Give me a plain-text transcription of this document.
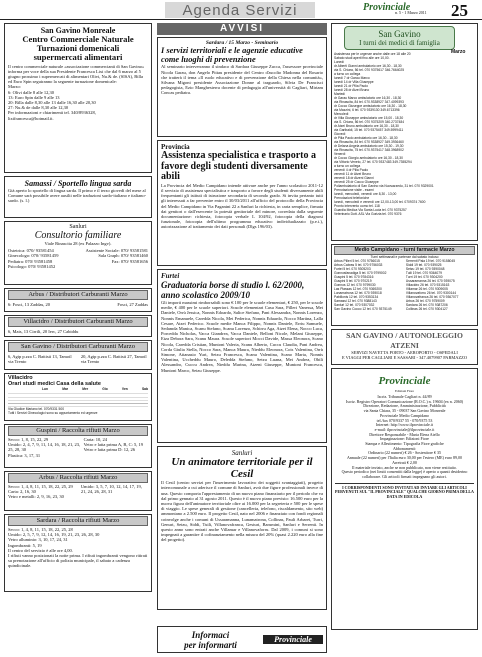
Agenda Servizi	Provinciale
n. 5 - 1 Marzo 2011 25
San Gavino Monreale
Centro Commerciale Naturale
Turnazioni domenicali
supermercati alimentari
Il centro commerciale naturale «associazione commercianti di San Gavino» informa per voce della sua Presidente Francesca Lixi che dal 6 marzo al 5 giugno prossimo i supermercati di alimentari Olivi, Nu.& de. (SISA), Billa ed Euro Spin seguiranno la seguente turnazione domenicale:
Marzo:
6: Olivi dalle 8 alle 12,30
13: Euro Spin dalle 9 alle 13
20: Billa dalle 8,30 alle 13 dalle 16,30 alle 20,30
27: Nu.& de dalle 8,30 alle 12,30
Per informazioni e chiarimenti tel. 340/8936328,
lixifrancesca@hotmail.it.
Samassi / Sportello lingua sarda
Già aperto lo sportello di lingua sarda. Il primo e il terzo giovedì del mese al Comune sarà possibile avere ausilii nelle traduzioni sardo-italiano e italiano-sardo. (s. l.)
Sanluri
Consultorio familiare
Viale Rinascita 28 (ex Palazzo Ingv).
Ostetrica: 070/ 93581454	Assistente Sociale: 070/ 93581581
Ginecologo: 070/ 93581459	Sala Graph: 070/ 93581460
Pediatra: 070/ 93581458	Fax: 070/ 93581656
Psicologo: 070/ 93581452
Arbus / Distributori Carburanti Marzo
6: Fosci, 13 Zaddas, 20	Fosci, 27 Zaddas
Villacidro / Distributori Carburanti Marzo
6, Mais, 13 Cirrili, 20 Ierc, 27 Cabiddu
San Gavino / Distributori Carburanti Marzo
6, Agip p.zza C. Battisti 13, Tamoil via Trento
20, Agip p.zza C. Battisti 27, Tamoil via Trento
Villacidro
Orari studi medici Casa della salute
Lun	Mar	Mer	Gio	Ven	Sab
Via Giudice Mariano tel. 070/9331 500
Tutti i Servizi Ginecologici sono su appuntamento ed urgenze
Guspini / Raccolta rifiuti Marzo
Secco: 1, 8, 15, 22, 29
Umido: 2, 4, 7, 9, 11, 14, 16, 18, 21, 23, 25, 28, 30
Plastica: 3, 17, 31
Carta: 10, 24
Vetro e latta prima A, B, C: 5, 19
Vetro e latta prima D: 12, 26
Arbus / Raccolta rifiuti Marzo
Secco: 1, 4, 8, 11, 15, 18, 22, 25, 29
Carta: 2, 16, 30
Vetro e metalli: 2, 9, 16, 23, 30
Umido: 3, 5, 7, 10, 12, 14, 17, 19, 21, 24, 26, 28, 31
Sardara / Raccolta rifiuti Marzo
Secco: 1, 4, 8, 11, 15, 18, 22, 25, 28
Umido: 2, 5, 7, 9, 12, 14, 16, 19, 21, 23, 26, 28, 30
Vetro alluminio: 3, 10, 17, 24, 31
Ingombranti: 5, 19
Il centro del servizio è alle ore 4,00.
I rifiuti vanno posizionati la notte prima. I rifiuti ingombranti vengono ritirati su prenotazione all'ufficio di polizia municipale, il sabato a cadenza quindicinale.
AVVISI
Sardara / 15 Marzo - Seminario
I servizi territoriali e le agenzie educative come luoghi di prevenzione
Al seminario interverranno il sindaco di Sardara Giuseppe Zucca, l'assessore provinciale Nicola Garau, don Angelo Pittau presidente del Centro d'ascolto Madonna del Rosario che tratterà il tema «Il ruolo educativo e di prevenzione della Chiesa nella comunità», Silvana Migoni presidente Associazione Donne al traguardo, Silvia De Francisci pedagogista, Ezio Manghesterra docente di pedagogia all'università di Cagliari, Miriam Concas pediatra.
Provincia
Assistenza specialistica e trasporto a favore degli studenti diversamente abili
La Provincia del Medio Campidano intende attivare anche per l'anno scolastico 2011-12 il servizio di assistenza specialistica e trasporto a favore degli studenti diversamente abili frequentanti gli istituti di istruzione secondaria di secondo grado. Si invita pertanto tutti gli interessati a far pervenire entro il 30/03/2011 all'ufficio del protocollo della Provincia del Medio Campidano in Via Paganini 22 a Sanluri la richiesta, in carta semplice, firmata dai genitori o dall'esercente la potestà genitoriale del minore, corredata dalla seguente documentazione: richiesta, fotocopia verbale L 104/92, fotocopia della diagnosi funzionale, fotocopia dell'ultimo programma educativo individualizzato (p.e.i.), autorizzazione al trattamento dei dati personali (Dlgs 196/03).
Furtei
Graduatoria borse di studio l. 62/2000, anno scolastico 2009/10
Gli importi massimi rimborsabili sono € 100 per le scuole elementari, € 250, per le scuole medie, € 400 per le scuole superiori. Scuole elementari Casu Sara, Pilleri Vanessa, Mei Daniele, Orrù Jessica, Nonnis Edoardo, Salice Stefano, Pani Alessandra, Nonnis Lorenzo, Nonnis Emanuele, Caredda Nicola, Mei Federica, Nonnis Eduardo, Nocco Martina, Lalla Cesare, Atzei Federico. Scuole medie Manca Filippo, Nonnis Daniele, Erriu Samuele, Sedamda Manica, Scanu Stefano, Scanu Lorenzo, Schirru Aga, Atzei Elena, Nocco Luca, Porcedda Nicholas, Vacca Giandrea, Vacca Daniele, Belloni Nicole, Melani Giuseppe, Etza Debora Sara, Scanu Maura. Scuole superiori Mocci Davide, Massa Eleonora, Scano Nicola, Caredda Cristian, Muntoni Valeria, Scanu Alberto, Cuccu Claudia, Pani Andrea, Corda Giulia Stella, Nocco Sara, Manca Maura, Nieddu Eleonora, Cois Valentina, Orrù Simone, Attanasio Yuri, Setzu Francesca, Scanu Valentina, Scano Marta, Nonnis Valentina, Uccheddu Mauro, Deledda Stefano, Setzu Luana, Mei Andrea, Obili Alessandro, Cuccu Andrea, Nieddu Marina, Atzeni Giuseppe, Muntoni Francesca, Muntoni Marco, Setzu Giuseppe.
Sanluri
Un animatore territoriale per il Cesil
Il Cesil (centro servizi per l'inserimento lavorativo dei soggetti svantaggiati), progetto intercomunale a cui aderisce il comune di Sanluri, avrà due figure professionali invece di una. Questo comporta l'apprestamento di un nuovo piano finanziario per il periodo che va dal primo gennaio al 31 agosto 2011. Questo è il nuovo piano previsto: 16.500 euro per la nuova figura dell'animatore territoriale oltre ai 16.000 per la segreteria e 500 per le spese di viaggio. Le spese generali di gestione (cancelleria, telefono, riscaldamento, sito web) ammontano a 2.500 euro. Il progetto Cesil, nato nel 2006 e finanziato con fondi regionali coinvolge anche i comuni di Ussaramanna, Lunamatrona, Collinas, Pauli Arbarei, Turri, Genuri, Setzu, Siddi, Tuili, Villanovafranca, Gesturi, Barumini, Sanluri e Serrenti. In questo anno sono entrati anche Villamar e Villanovaforru. Dal 2009, i comuni si sono impegnati a garantire il cofinanziamento nella misura del 20% (quasi 2.220 euro alla fine del progetto).
Informaci
per informarti	Provinciale
San Gavino
I turni dei medici di famiglia
Marzo
Assistenza per le urgenze anche dalle ore 18 alle 20
Sabato studi aperti fino alle ore 10,00.
Lunedì
dr Alberti Gianni ambulatorio ore 16,30 - 18,30
via S. Chiara, 56 tel. 070 9375617 346.7664025
a turno un collega
lunedì 7 dr Garau Marco
lunedì 14 dr Villa Giuseppe
lunedì 21 dr Pilia Paolo
lunedì 28 dr Atzei Bruno
Martedì
dr Garau Marco ambulatorio ore 16,30 - 18,30
via Rinascita, 84 tel. 070.9338927 347.4099393
dr Cocco Giuseppe ambulatorio ore 16,30 - 18,30
via Mazzini, 6 tel. 070 9339130 349.6713396
Mercoledì
dr Villa Giuseppe ambulatorio ore 15,00 - 18,30
via S. Chiara, 56 tel. 070 9375209 340.2737484
dr Atzei Bruno ambulatorio ore 16,30 - 18,30
via Garibaldi, 15 tel. 070 9375457 349.5999411
Giovedì
dr Pilia Paolo ambulatorio ore 16,30 - 18,30
via Rinascita, 84 tel. 070 9338927 349.3936460
dr Delana Angela ambulatorio ore 15,30 - 19,30
via Rinascita, 75 tel. 070.9375417 348.3968902
Venerdì
dr Cocco Giorgio ambulatorio ore 16,30 - 18,30
via Vittorio Veneto, 27 tel. 070 9337483 349.7355294
a turno un collega
venerdì 4 dr Pilia Paolo
venerdì 11 dr Atzei Bruno
venerdì 18 dr Atzeni Gianni
venerdì 25 dr Cocco Giuseppe
Poliambulatorio di San Gavino via Nuovazzedu, 31 tel. 070 9329001
Prenotazione visite - esami
lunedì, mercoledì, venerdì ore 8,30 - 13,00
Prenotazioni telefoniche
lunedì, mercoledì e venerdì ore 12,00-13,00 tel. 0709374 7600
Pronto intervento uomo tel. 118
Guardia Medica Via Santa Lucia tel. 070 9375257
Veterinario Dott. ASL Via Gorizia tel. 070 9376
Medio Campidano - turni farmacie Marzo
Turni settimanali e partenze dal sabato incluso
Arbus Pilleri 5 tel. 070 9756015
Arbus Cabras 5 tel. 070 9756033
Furtei 5 tel. 070 9305203
Gonnosfanadiga 5 tel. 070 9799002
Guspini 5 tel. 070 9784316
Guspini 5 tel. 070 970219
Gonnos 12 tel. 070 9799030
Las Plassas 12 tel. 070 9369200
Lunamatrona 12 tel. 070 939018
Pabillonis 12 tel. 070 9353134
Samassi 12 tel. 070 9388143
Sanluri 12 tel. 070 9307032
San Gavino Cocco 12 tel. 070 9375149
Serrenti Pala 19 tel. 070 9158045
Siddi 19 tel. 070 939025
Setzu 19 tel. 070 9390048
Tuili 19 tel. 070 9364079
Turri 19 tel. 070 9304200
Ussaramanna 26 tel. 070 939075
Villacidro 26 tel. 070 9315163
Villamar 26 tel. 070 9309005
Villanovaforru 26 tel. 070 9300144
Villanovafranca 26 tel. 070 9367077
Arbus 26 tel. 070 9759009
Sardara 26 tel. 070 9387206
Collinas 26 tel. 070 9304127
SAN GAVINO / AUTONOLEGGIO ATZENI
SERVIZI NAVETTA PORTO - AEROPORTO - OSPEDALI
E VIAGGI PER CAGLIARI E SASSARI - 347.4079907 PARMAZZO
Provinciale
Edizioni Fiore
Iscriz. Tribunale Cagliari n. 44/89
Iscriz. Registro Operatori Comunicazione (R.O.C.) n. 19604 (ex n. 2060)
Direzione, Redazione, Amministrazione, Pubblicità
via Santa Chiara, 35 - 09037 San Gavino Monreale
Provinciale Medio Campidano
tel./fax 070/9337 55 - 070/9375 53
Internet: http://www.ilprovinciale.it
e-mail: ilprovinciale@ilprovinciale.it
Direttore Responsabile - Maria Elena Aiello
Impaginazione: Edizioni Fiore
Stampa e Allestimento: Tipografia Fiore grafiche
Abbonamenti:
Ordinario (22 numeri) € 26 - Sostenitore € 35
Annuale (22 numeri) per l'Italia euro 30,00 per l'estero (ME) euro 89,00
Arretrati € 2,00
Il materiale inviato, anche se non pubblicato, non viene restituito.
Questo periodico (nei limiti consentiti dalla legge) è aperto a quanti desiderino collaborare. Gli articoli firmati impegnano gli autori.
I CORRISPONDENTI SONO INVITATI AD INVIARE GLI ARTICOLI PERVENUTI SUL "IL PROVINCIALE" QUALCHE GIORNO PRIMA DELLA DATA IN EDICOLA
